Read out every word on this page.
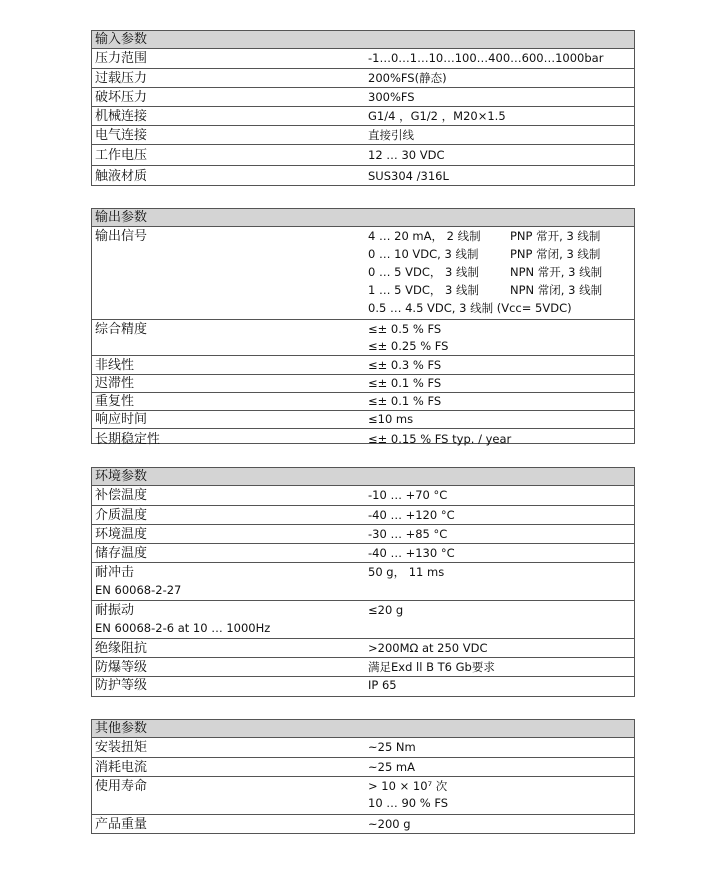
输入参数
压力范围	-1…0…1…10…100…400…600…1000bar
过载压力	200%FS(静态)
破坏压力	300%FS
机械连接	G1/4 ，G1/2 ，M20×1.5
电气连接	直接引线
工作电压	12 … 30 VDC
触液材质	SUS304 /316L
输出参数
输出信号	4 … 20 mA， 2 线制	PNP 常开, 3 线制
0 … 10 VDC, 3 线制	PNP 常闭, 3 线制
0 … 5 VDC， 3 线制	NPN 常开, 3 线制
1 … 5 VDC， 3 线制	NPN 常闭, 3 线制
0.5 … 4.5 VDC, 3 线制 (Vcc= 5VDC)
综合精度	≤± 0.5 % FS
≤± 0.25 % FS
非线性	≤± 0.3 % FS
迟滞性	≤± 0.1 % FS
重复性	≤± 0.1 % FS
响应时间	≤10 ms
长期稳定性	≤± 0.15 % FS typ. / year
环境参数
补偿温度	-10 … +70 °C
介质温度	-40 … +120 °C
环境温度	-30 … +85 °C
储存温度	-40 … +130 °C
耐冲击	50 g， 11 ms
EN 60068-2-27
耐振动	≤20 g
EN 60068-2-6 at 10 … 1000Hz
绝缘阻抗	>200MΩ at 250 VDC
防爆等级	满足Exd ll B T6 Gb要求
防护等级	IP 65
其他参数
安装扭矩	~25 Nm
消耗电流	~25 mA
使用寿命	> 10 × 10⁷ 次
10 … 90 % FS
产品重量	~200 g
